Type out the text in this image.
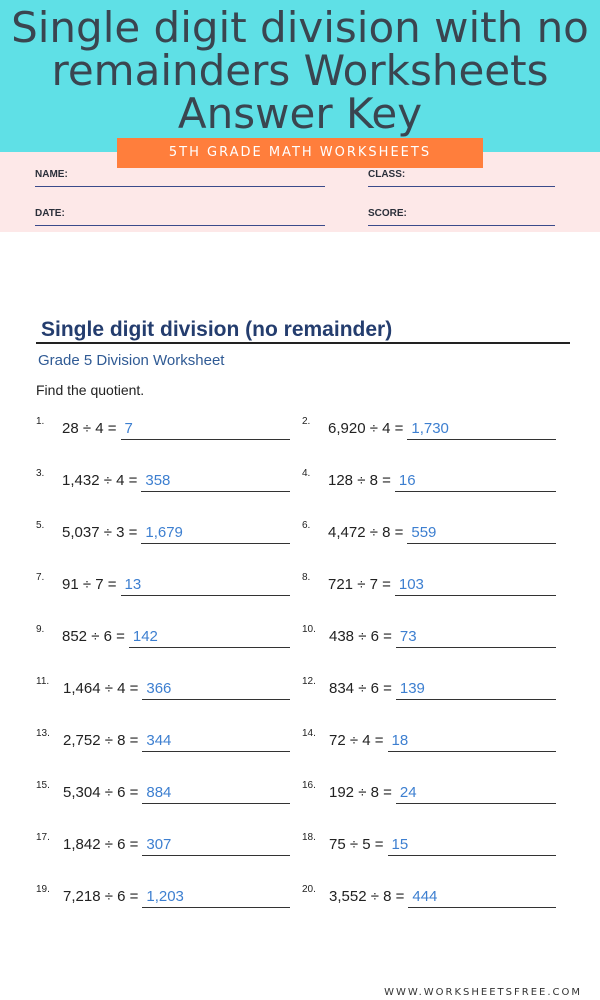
Single digit division with no
remainders Worksheets
Answer Key
NAME:	CLASS:
DATE:	SCORE:
5TH GRADE MATH WORKSHEETS
Single digit division (no remainder)
Grade 5 Division Worksheet
Find the quotient.
1. 28 ÷ 4 = 7	2. 6,920 ÷ 4 = 1,730
3. 1,432 ÷ 4 = 358	4. 128 ÷ 8 = 16
5. 5,037 ÷ 3 = 1,679	6. 4,472 ÷ 8 = 559
7. 91 ÷ 7 = 13	8. 721 ÷ 7 = 103
9. 852 ÷ 6 = 142	10. 438 ÷ 6 = 73
11. 1,464 ÷ 4 = 366	12. 834 ÷ 6 = 139
13. 2,752 ÷ 8 = 344	14. 72 ÷ 4 = 18
15. 5,304 ÷ 6 = 884	16. 192 ÷ 8 = 24
17. 1,842 ÷ 6 = 307	18. 75 ÷ 5 = 15
19. 7,218 ÷ 6 = 1,203	20. 3,552 ÷ 8 = 444
WWW.WORKSHEETSFREE.COM
